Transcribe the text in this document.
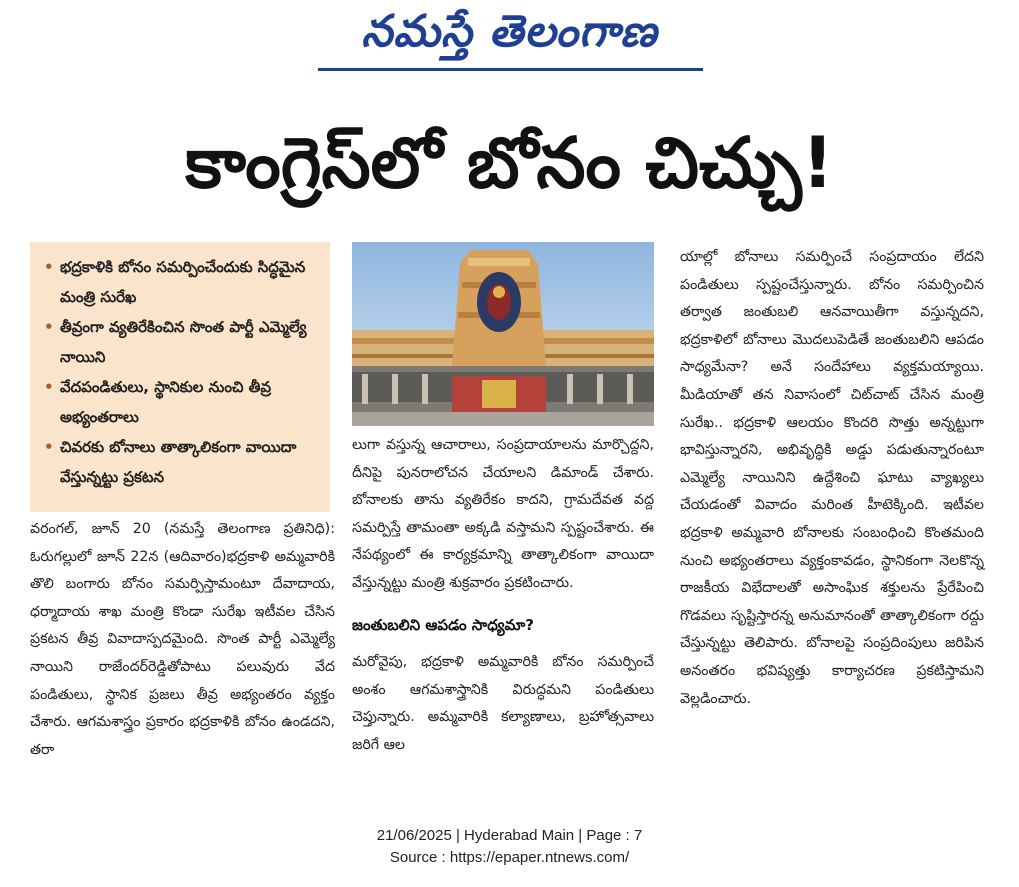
నమస్తే తెలంగాణ
కాంగ్రెస్‌లో బోనం చిచ్చు!
• భద్రకాళికి బోనం సమర్పించేందుకు సిద్ధమైన మంత్రి సురేఖ
• తీవ్రంగా వ్యతిరేకించిన సొంత పార్టీ ఎమ్మెల్యే నాయిని
• వేదపండితులు, స్థానికుల నుంచి తీవ్ర అభ్యంతరాలు
• చివరకు బోనాలు తాత్కాలికంగా వాయిదా వేస్తున్నట్టు ప్రకటన
వరంగల్, జూన్ 20 (నమస్తే తెలంగాణ ప్రతినిధి): ఓరుగల్లులో జూన్ 22న (ఆదివారం)భద్రకాళి అమ్మవారికి తొలి బంగారు బోనం సమర్పిస్తామంటూ దేవాదాయ, ధర్మాదాయ శాఖ మంత్రి కొండా సురేఖ ఇటీవల చేసిన ప్రకటన తీవ్ర వివాదాస్పదమైంది. సొంత పార్టీ ఎమ్మెల్యే నాయిని రాజేందర్‌రెడ్డితోపాటు పలువురు వేద పండితులు, స్థానిక ప్రజలు తీవ్ర అభ్యంతరం వ్యక్తం చేశారు. ఆగమశాస్త్రం ప్రకారం భద్రకాళికి బోనం ఉండదని, తరా
లుగా వస్తున్న ఆచారాలు, సంప్రదాయాలను మార్చొద్దని, దీనిపై పునరాలోచన చేయాలని డిమాండ్ చేశారు. బోనాలకు తాను వ్యతిరేకం కాదని, గ్రామదేవత వద్ద సమర్పిస్తే తామంతా అక్కడి వస్తామని స్పష్టంచేశారు. ఈ నేపథ్యంలో ఈ కార్యక్రమాన్ని తాత్కాలికంగా వాయిదా వేస్తున్నట్టు మంత్రి శుక్రవారం ప్రకటించారు.
జంతుబలిని ఆపడం సాధ్యమా?
మరోవైపు, భద్రకాళి అమ్మవారికి బోనం సమర్పించే అంశం ఆగమశాస్త్రానికి విరుద్ధమని పండితులు చెప్తున్నారు. అమ్మవారికి కల్యాణాలు, బ్రహోత్సవాలు జరిగే ఆల
యాల్లో బోనాలు సమర్పించే సంప్రదాయం లేదని పండితులు స్పష్టంచేస్తున్నారు. బోనం సమర్పించిన తర్వాత జంతుబలి ఆనవాయితీగా వస్తున్నదని, భద్రకాళిలో బోనాలు మొదలుపెడితే జంతుబలిని ఆపడం సాధ్యమేనా? అనే సందేహాలు వ్యక్తమయ్యాయి. మీడియాతో తన నివాసంలో చిట్‌చాట్ చేసిన మంత్రి సురేఖ.. భద్రకాళి ఆలయం కొందరి సొత్తు అన్నట్టుగా భావిస్తున్నారని, అభివృద్ధికి అడ్డు పడుతున్నారంటూ ఎమ్మెల్యే నాయినిని ఉద్దేశించి ఘాటు వ్యాఖ్యలు చేయడంతో వివాదం మరింత హీటెక్కింది. ఇటీవల భద్రకాళి అమ్మవారి బోనాలకు సంబంధించి కొంతమంది నుంచి అభ్యంతరాలు వ్యక్తంకావడం, స్థానికంగా నెలకొన్న రాజకీయ విభేదాలతో అసాంఘిక శక్తులను ప్రేరేపించి గొడవలు సృష్టిస్తారన్న అనుమానంతో తాత్కాలికంగా రద్దు చేస్తున్నట్టు తెలిపారు. బోనాలపై సంప్రదింపులు జరిపిన అనంతరం భవిష్యత్తు కార్యాచరణ ప్రకటిస్తామని వెల్లడించారు.
21/06/2025 | Hyderabad Main | Page : 7
Source : https://epaper.ntnews.com/
